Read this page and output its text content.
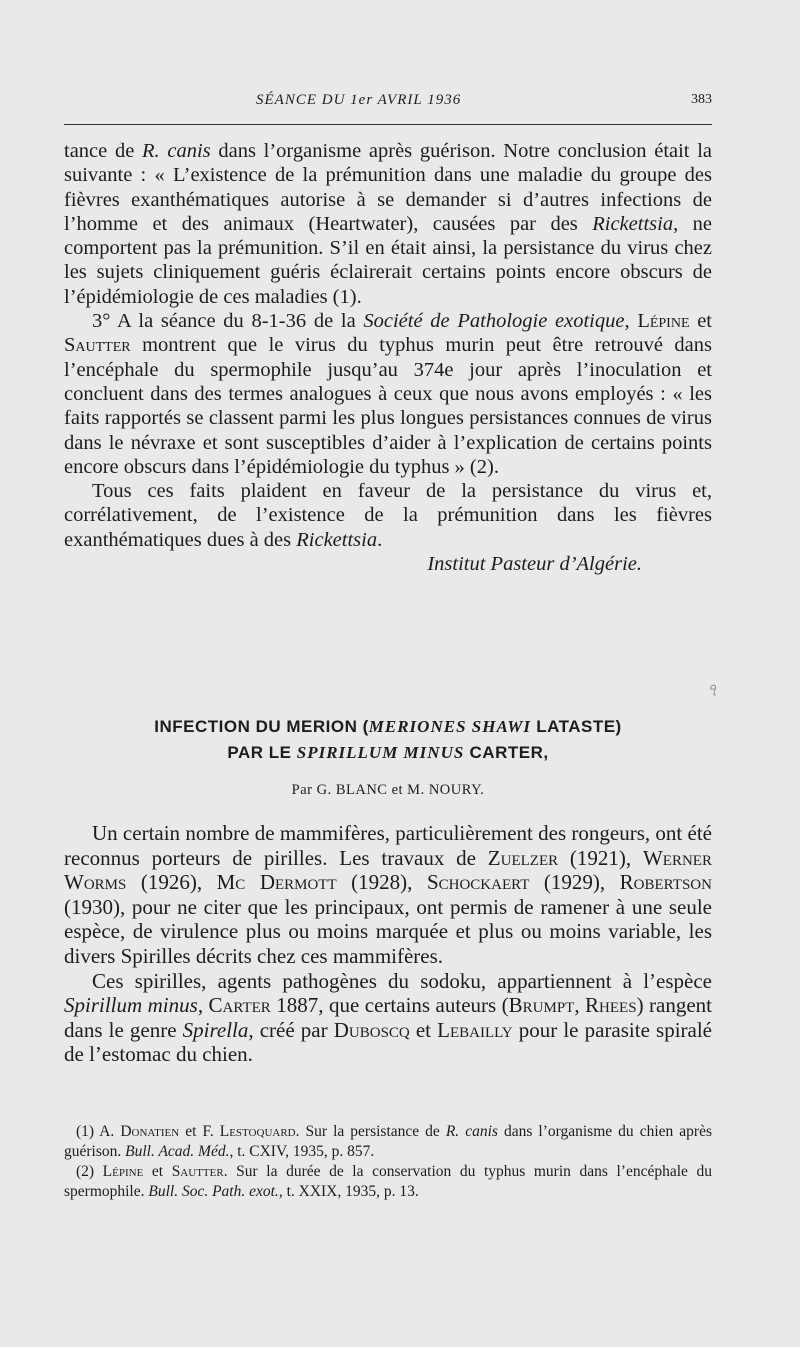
SÉANCE DU 1er AVRIL 1936	383

tance de R. canis dans l’organisme après guérison. Notre conclusion était la suivante : « L’existence de la prémunition dans une maladie du groupe des fièvres exanthématiques autorise à se demander si d’autres infections de l’homme et des animaux (Heartwater), causées par des Rickettsia, ne comportent pas la prémunition. S’il en était ainsi, la persistance du virus chez les sujets cliniquement guéris éclairerait certains points encore obscurs de l’épidémiologie de ces maladies (1).

3° A la séance du 8-1-36 de la Société de Pathologie exotique, Lépine et Sautter montrent que le virus du typhus murin peut être retrouvé dans l’encéphale du spermophile jusqu’au 374e jour après l’inoculation et concluent dans des termes analogues à ceux que nous avons employés : « les faits rapportés se classent parmi les plus longues persistances connues de virus dans le névraxe et sont susceptibles d’aider à l’explication de certains points encore obscurs dans l’épidémiologie du typhus » (2).

Tous ces faits plaident en faveur de la persistance du virus et, corrélativement, de l’existence de la prémunition dans les fièvres exanthématiques dues à des Rickettsia.

Institut Pasteur d’Algérie.

৭
INFECTION DU MERION (MERIONES SHAWI LATASTE)
PAR LE SPIRILLUM MINUS CARTER,
Par G. BLANC et M. NOURY.

Un certain nombre de mammifères, particulièrement des rongeurs, ont été reconnus porteurs de pirilles. Les travaux de Zuelzer (1921), Werner Worms (1926), Mc Dermott (1928), Schockaert (1929), Robertson (1930), pour ne citer que les principaux, ont permis de ramener à une seule espèce, de virulence plus ou moins marquée et plus ou moins variable, les divers Spirilles décrits chez ces mammifères.

Ces spirilles, agents pathogènes du sodoku, appartiennent à l’espèce Spirillum minus, Carter 1887, que certains auteurs (Brumpt, Rhees) rangent dans le genre Spirella, créé par Duboscq et Lebailly pour le parasite spiralé de l’estomac du chien.

(1) A. Donatien et F. Lestoquard. Sur la persistance de R. canis dans l’organisme du chien après guérison. Bull. Acad. Méd., t. CXIV, 1935, p. 857.

(2) Lépine et Sautter. Sur la durée de la conservation du typhus murin dans l’encéphale du spermophile. Bull. Soc. Path. exot., t. XXIX, 1935, p. 13.
